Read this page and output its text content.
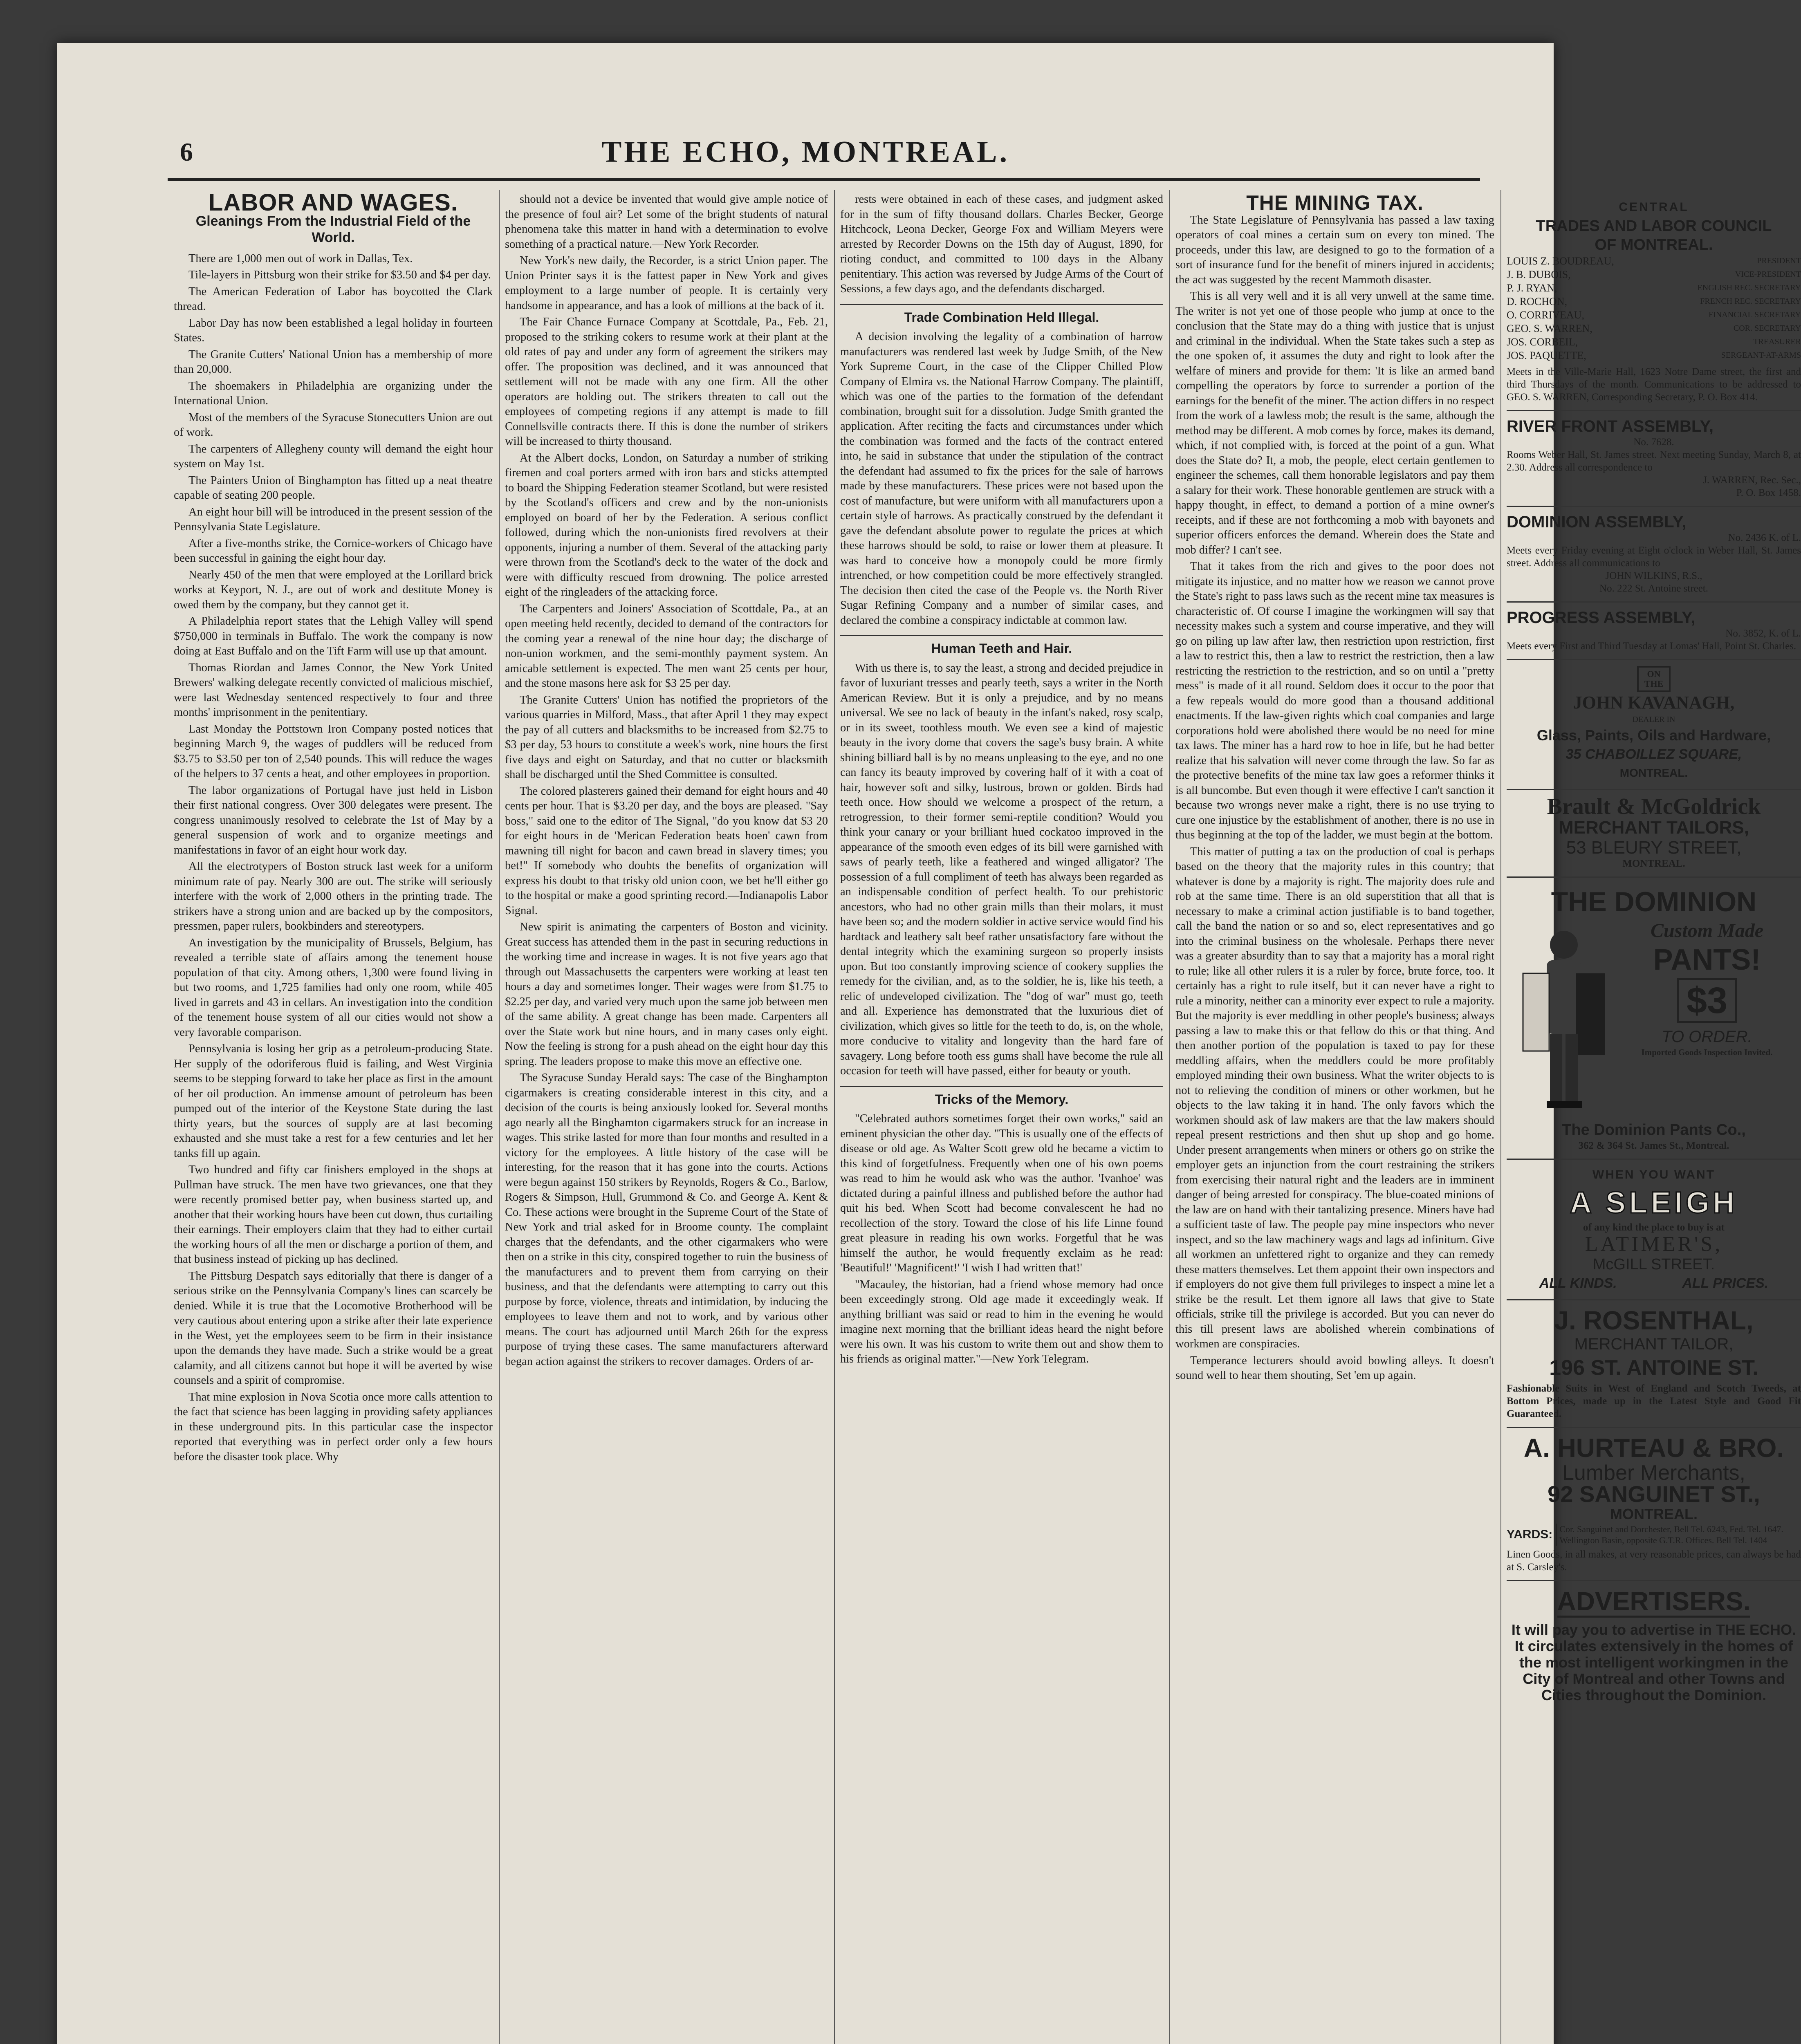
6	THE ECHO, MONTREAL.
LABOR AND WAGES.
Gleanings From the Industrial Field of the World.

There are 1,000 men out of work in Dallas, Tex.

Tile-layers in Pittsburg won their strike for $3.50 and $4 per day.

The American Federation of Labor has boycotted the Clark thread.

Labor Day has now been established a legal holiday in fourteen States.

The Granite Cutters' National Union has a membership of more than 20,000.

The shoemakers in Philadelphia are organizing under the International Union.

Most of the members of the Syracuse Stonecutters Union are out of work.

The carpenters of Allegheny county will demand the eight hour system on May 1st.

The Painters Union of Binghampton has fitted up a neat theatre capable of seating 200 people.

An eight hour bill will be introduced in the present session of the Pennsylvania State Legislature.

After a five-months strike, the Cornice-workers of Chicago have been successful in gaining the eight hour day.

Nearly 450 of the men that were employed at the Lorillard brick works at Keyport, N. J., are out of work and destitute Money is owed them by the company, but they cannot get it.

A Philadelphia report states that the Lehigh Valley will spend $750,000 in terminals in Buffalo. The work the company is now doing at East Buffalo and on the Tift Farm will use up that amount.

Thomas Riordan and James Connor, the New York United Brewers' walking delegate recently convicted of malicious mischief, were last Wednesday sentenced respectively to four and three months' imprisonment in the penitentiary.

Last Monday the Pottstown Iron Company posted notices that beginning March 9, the wages of puddlers will be reduced from $3.75 to $3.50 per ton of 2,540 pounds. This will reduce the wages of the helpers to 37 cents a heat, and other employees in proportion.

The labor organizations of Portugal have just held in Lisbon their first national congress. Over 300 delegates were present. The congress unanimously resolved to celebrate the 1st of May by a general suspension of work and to organize meetings and manifestations in favor of an eight hour work day.

All the electrotypers of Boston struck last week for a uniform minimum rate of pay. Nearly 300 are out. The strike will seriously interfere with the work of 2,000 others in the printing trade. The strikers have a strong union and are backed up by the compositors, pressmen, paper rulers, bookbinders and stereotypers.

An investigation by the municipality of Brussels, Belgium, has revealed a terrible state of affairs among the tenement house population of that city. Among others, 1,300 were found living in but two rooms, and 1,725 families had only one room, while 405 lived in garrets and 43 in cellars. An investigation into the condition of the tenement house system of all our cities would not show a very favorable comparison.

Pennsylvania is losing her grip as a petroleum-producing State. Her supply of the odoriferous fluid is failing, and West Virginia seems to be stepping forward to take her place as first in the amount of her oil production. An immense amount of petroleum has been pumped out of the interior of the Keystone State during the last thirty years, but the sources of supply are at last becoming exhausted and she must take a rest for a few centuries and let her tanks fill up again.

Two hundred and fifty car finishers employed in the shops at Pullman have struck. The men have two grievances, one that they were recently promised better pay, when business started up, and another that their working hours have been cut down, thus curtailing their earnings. Their employers claim that they had to either curtail the working hours of all the men or discharge a portion of them, and that business instead of picking up has declined.

The Pittsburg Despatch says editorially that there is danger of a serious strike on the Pennsylvania Company's lines can scarcely be denied. While it is true that the Locomotive Brotherhood will be very cautious about entering upon a strike after their late experience in the West, yet the employees seem to be firm in their insistance upon the demands they have made. Such a strike would be a great calamity, and all citizens cannot but hope it will be averted by wise counsels and a spirit of compromise.

That mine explosion in Nova Scotia once more calls attention to the fact that science has been lagging in providing safety appliances in these underground pits. In this particular case the inspector reported that everything was in perfect order only a few hours before the disaster took place. Why

should not a device be invented that would give ample notice of the presence of foul air? Let some of the bright students of natural phenomena take this matter in hand with a determination to evolve something of a practical nature.—New York Recorder.

New York's new daily, the Recorder, is a strict Union paper. The Union Printer says it is the fattest paper in New York and gives employment to a large number of people. It is certainly very handsome in appearance, and has a look of millions at the back of it.

The Fair Chance Furnace Company at Scottdale, Pa., Feb. 21, proposed to the striking cokers to resume work at their plant at the old rates of pay and under any form of agreement the strikers may offer. The proposition was declined, and it was announced that settlement will not be made with any one firm. All the other operators are holding out. The strikers threaten to call out the employees of competing regions if any attempt is made to fill Connellsville contracts there. If this is done the number of strikers will be increased to thirty thousand.

At the Albert docks, London, on Saturday a number of striking firemen and coal porters armed with iron bars and sticks attempted to board the Shipping Federation steamer Scotland, but were resisted by the Scotland's officers and crew and by the non-unionists employed on board of her by the Federation. A serious conflict followed, during which the non-unionists fired revolvers at their opponents, injuring a number of them. Several of the attacking party were thrown from the Scotland's deck to the water of the dock and were with difficulty rescued from drowning. The police arrested eight of the ringleaders of the attacking force.

The Carpenters and Joiners' Association of Scottdale, Pa., at an open meeting held recently, decided to demand of the contractors for the coming year a renewal of the nine hour day; the discharge of non-union workmen, and the semi-monthly payment system. An amicable settlement is expected. The men want 25 cents per hour, and the stone masons here ask for $3 25 per day.

The Granite Cutters' Union has notified the proprietors of the various quarries in Milford, Mass., that after April 1 they may expect the pay of all cutters and blacksmiths to be increased from $2.75 to $3 per day, 53 hours to constitute a week's work, nine hours the first five days and eight on Saturday, and that no cutter or blacksmith shall be discharged until the Shed Committee is consulted.

The colored plasterers gained their demand for eight hours and 40 cents per hour. That is $3.20 per day, and the boys are pleased. "Say boss," said one to the editor of The Signal, "do you know dat $3 20 for eight hours in de 'Merican Federation beats hoen' cawn from mawning till night for bacon and cawn bread in slavery times; you bet!" If somebody who doubts the benefits of organization will express his doubt to that trisky old union coon, we bet he'll either go to the hospital or make a good sprinting record.—Indianapolis Labor Signal.

New spirit is animating the carpenters of Boston and vicinity. Great success has attended them in the past in securing reductions in the working time and increase in wages. It is not five years ago that through out Massachusetts the carpenters were working at least ten hours a day and sometimes longer. Their wages were from $1.75 to $2.25 per day, and varied very much upon the same job between men of the same ability. A great change has been made. Carpenters all over the State work but nine hours, and in many cases only eight. Now the feeling is strong for a push ahead on the eight hour day this spring. The leaders propose to make this move an effective one.

The Syracuse Sunday Herald says: The case of the Binghampton cigarmakers is creating considerable interest in this city, and a decision of the courts is being anxiously looked for. Several months ago nearly all the Binghamton cigarmakers struck for an increase in wages. This strike lasted for more than four months and resulted in a victory for the employees. A little history of the case will be interesting, for the reason that it has gone into the courts. Actions were begun against 150 strikers by Reynolds, Rogers & Co., Barlow, Rogers & Simpson, Hull, Grummond & Co. and George A. Kent & Co. These actions were brought in the Supreme Court of the State of New York and trial asked for in Broome county. The complaint charges that the defendants, and the other cigarmakers who were then on a strike in this city, conspired together to ruin the business of the manufacturers and to prevent them from carrying on their business, and that the defendants were attempting to carry out this purpose by force, violence, threats and intimidation, by inducing the employees to leave them and not to work, and by various other means. The court has adjourned until March 26th for the express purpose of trying these cases. The same manufacturers afterward began action against the strikers to recover damages. Orders of ar-

rests were obtained in each of these cases, and judgment asked for in the sum of fifty thousand dollars. Charles Becker, George Hitchcock, Leona Decker, George Fox and William Meyers were arrested by Recorder Downs on the 15th day of August, 1890, for rioting conduct, and committed to 100 days in the Albany penitentiary. This action was reversed by Judge Arms of the Court of Sessions, a few days ago, and the defendants discharged.

Trade Combination Held Illegal.

A decision involving the legality of a combination of harrow manufacturers was rendered last week by Judge Smith, of the New York Supreme Court, in the case of the Clipper Chilled Plow Company of Elmira vs. the National Harrow Company. The plaintiff, which was one of the parties to the formation of the defendant combination, brought suit for a dissolution. Judge Smith granted the application. After reciting the facts and circumstances under which the combination was formed and the facts of the contract entered into, he said in substance that under the stipulation of the contract the defendant had assumed to fix the prices for the sale of harrows made by these manufacturers. These prices were not based upon the cost of manufacture, but were uniform with all manufacturers upon a certain style of harrows. As practically construed by the defendant it gave the defendant absolute power to regulate the prices at which these harrows should be sold, to raise or lower them at pleasure. It was hard to conceive how a monopoly could be more firmly intrenched, or how competition could be more effectively strangled. The decision then cited the case of the People vs. the North River Sugar Refining Company and a number of similar cases, and declared the combine a conspiracy indictable at common law.

Human Teeth and Hair.

With us there is, to say the least, a strong and decided prejudice in favor of luxuriant tresses and pearly teeth, says a writer in the North American Review. But it is only a prejudice, and by no means universal. We see no lack of beauty in the infant's naked, rosy scalp, or in its sweet, toothless mouth. We even see a kind of majestic beauty in the ivory dome that covers the sage's busy brain. A white shining billiard ball is by no means unpleasing to the eye, and no one can fancy its beauty improved by covering half of it with a coat of hair, however soft and silky, lustrous, brown or golden. Birds had teeth once. How should we welcome a prospect of the return, a retrogression, to their former semi-reptile condition? Would you think your canary or your brilliant hued cockatoo improved in the appearance of the smooth even edges of its bill were garnished with saws of pearly teeth, like a feathered and winged alligator? The possession of a full compliment of teeth has always been regarded as an indispensable condition of perfect health. To our prehistoric ancestors, who had no other grain mills than their molars, it must have been so; and the modern soldier in active service would find his hardtack and leathery salt beef rather unsatisfactory fare without the dental integrity which the examining surgeon so properly insists upon. But too constantly improving science of cookery supplies the remedy for the civilian, and, as to the soldier, he is, like his teeth, a relic of undeveloped civilization. The "dog of war" must go, teeth and all. Experience has demonstrated that the luxurious diet of civilization, which gives so little for the teeth to do, is, on the whole, more conducive to vitality and longevity than the hard fare of savagery. Long before tooth ess gums shall have become the rule all occasion for teeth will have passed, either for beauty or youth.

Tricks of the Memory.

"Celebrated authors sometimes forget their own works," said an eminent physician the other day. "This is usually one of the effects of disease or old age. As Walter Scott grew old he became a victim to this kind of forgetfulness. Frequently when one of his own poems was read to him he would ask who was the author. 'Ivanhoe' was dictated during a painful illness and published before the author had quit his bed. When Scott had become convalescent he had no recollection of the story. Toward the close of his life Linne found great pleasure in reading his own works. Forgetful that he was himself the author, he would frequently exclaim as he read: 'Beautiful!' 'Magnificent!' 'I wish I had written that!'

"Macauley, the historian, had a friend whose memory had once been exceedingly strong. Old age made it exceedingly weak. If anything brilliant was said or read to him in the evening he would imagine next morning that the brilliant ideas heard the night before were his own. It was his custom to write them out and show them to his friends as original matter."—New York Telegram.

THE MINING TAX.

The State Legislature of Pennsylvania has passed a law taxing operators of coal mines a certain sum on every ton mined. The proceeds, under this law, are designed to go to the formation of a sort of insurance fund for the benefit of miners injured in accidents; the act was suggested by the recent Mammoth disaster.

This is all very well and it is all very unwell at the same time. The writer is not yet one of those people who jump at once to the conclusion that the State may do a thing with justice that is unjust and criminal in the individual. When the State takes such a step as the one spoken of, it assumes the duty and right to look after the welfare of miners and provide for them: 'It is like an armed band compelling the operators by force to surrender a portion of the earnings for the benefit of the miner. The action differs in no respect from the work of a lawless mob; the result is the same, although the method may be different. A mob comes by force, makes its demand, which, if not complied with, is forced at the point of a gun. What does the State do? It, a mob, the people, elect certain gentlemen to engineer the schemes, call them honorable legislators and pay them a salary for their work. These honorable gentlemen are struck with a happy thought, in effect, to demand a portion of a mine owner's receipts, and if these are not forthcoming a mob with bayonets and superior officers enforces the demand. Wherein does the State and mob differ? I can't see.

That it takes from the rich and gives to the poor does not mitigate its injustice, and no matter how we reason we cannot prove the State's right to pass laws such as the recent mine tax measures is characteristic of. Of course I imagine the workingmen will say that necessity makes such a system and course imperative, and they will go on piling up law after law, then restriction upon restriction, first a law to restrict this, then a law to restrict the restriction, then a law restricting the restriction to the restriction, and so on until a "pretty mess" is made of it all round. Seldom does it occur to the poor that a few repeals would do more good than a thousand additional enactments. If the law-given rights which coal companies and large corporations hold were abolished there would be no need for mine tax laws. The miner has a hard row to hoe in life, but he had better realize that his salvation will never come through the law. So far as the protective benefits of the mine tax law goes a reformer thinks it is all buncombe. But even though it were effective I can't sanction it because two wrongs never make a right, there is no use trying to cure one injustice by the establishment of another, there is no use in thus beginning at the top of the ladder, we must begin at the bottom.

This matter of putting a tax on the production of coal is perhaps based on the theory that the majority rules in this country; that whatever is done by a majority is right. The majority does rule and rob at the same time. There is an old superstition that all that is necessary to make a criminal action justifiable is to band together, call the band the nation or so and so, elect representatives and go into the criminal business on the wholesale. Perhaps there never was a greater absurdity than to say that a majority has a moral right to rule; like all other rulers it is a ruler by force, brute force, too. It certainly has a right to rule itself, but it can never have a right to rule a minority, neither can a minority ever expect to rule a majority. But the majority is ever meddling in other people's business; always passing a law to make this or that fellow do this or that thing. And then another portion of the population is taxed to pay for these meddling affairs, when the meddlers could be more profitably employed minding their own business. What the writer objects to is not to relieving the condition of miners or other workmen, but he objects to the law taking it in hand. The only favors which the workmen should ask of law makers are that the law makers should repeal present restrictions and then shut up shop and go home. Under present arrangements when miners or others go on strike the employer gets an injunction from the court restraining the strikers from exercising their natural right and the leaders are in imminent danger of being arrested for conspiracy. The blue-coated minions of the law are on hand with their tantalizing presence. Miners have had a sufficient taste of law. The people pay mine inspectors who never inspect, and so the law machinery wags and lags ad infinitum. Give all workmen an unfettered right to organize and they can remedy these matters themselves. Let them appoint their own inspectors and if employers do not give them full privileges to inspect a mine let a strike be the result. Let them ignore all laws that give to State officials, strike till the privilege is accorded. But you can never do this till present laws are abolished wherein combinations of workmen are conspiracies.

Temperance lecturers should avoid bowling alleys. It doesn't sound well to hear them shouting, Set 'em up again.

CENTRAL
TRADES AND LABOR COUNCIL
OF MONTREAL.
LOUIS Z. BOUDREAU,	PRESIDENT
J. B. DUBOIS,	VICE-PRESIDENT
P. J. RYAN,	ENGLISH REC. SECRETARY
D. ROCHON,	FRENCH REC. SECRETARY
O. CORRIVEAU,	FINANCIAL SECRETARY
GEO. S. WARREN,	COR. SECRETARY
JOS. CORBEIL,	TREASURER
JOS. PAQUETTE,	SERGEANT-AT-ARMS
Meets in the Ville-Marie Hall, 1623 Notre Dame street, the first and third Thursdays of the month. Communications to be addressed to GEO. S. WARREN, Corresponding Secretary, P. O. Box 414.
RIVER FRONT ASSEMBLY,
No. 7628.
Rooms Weber Hall, St. James street. Next meeting Sunday, March 8, at 2.30. Address all correspondence to
J. WARREN, Rec. Sec.,
P. O. Box 1458.
DOMINION ASSEMBLY,
No. 2436 K. of L.
Meets every Friday evening at Eight o'clock in Weber Hall, St. James street. Address all communications to
JOHN WILKINS, R.S.,
No. 222 St. Antoine street.
PROGRESS ASSEMBLY,
No. 3852, K. of L.
Meets every First and Third Tuesday at Lomas' Hall, Point St. Charles.
ON
THE
JOHN KAVANAGH,
DEALER IN
Glass, Paints, Oils and Hardware,
35 CHABOILLEZ SQUARE,
MONTREAL.
Brault & McGoldrick
MERCHANT TAILORS,
53 BLEURY STREET,
MONTREAL.
THE DOMINION
Custom Made
PANTS!
$3
TO ORDER.
Imported Goods Inspection Invited.
The Dominion Pants Co.,
362 & 364 St. James St., Montreal.
WHEN YOU WANT
A SLEIGH
of any kind the place to buy is at
LATIMER'S,
McGILL STREET.
ALL KINDS.	ALL PRICES.
J. ROSENTHAL,
MERCHANT TAILOR,
196 ST. ANTOINE ST.
Fashionable Suits in West of England and Scotch Tweeds, at Bottom Prices, made up in the Latest Style and Good Fit Guaranteed.
A. HURTEAU & BRO.
Lumber Merchants,
92 SANGUINET ST.,
MONTREAL.
YARDS: Cor. Sanguinet and Dorchester, Bell Tel. 6243, Fed. Tel. 1647. Wellington Basin, opposite G.T.R. Offices. Bell Tel. 1404
Linen Goods, in all makes, at very reasonable prices, can always be had at S. Carsley's.
ADVERTISERS.
It will pay you to advertise in THE ECHO. It circulates extensively in the homes of the most intelligent workingmen in the City of Montreal and other Towns and Cities throughout the Dominion.
